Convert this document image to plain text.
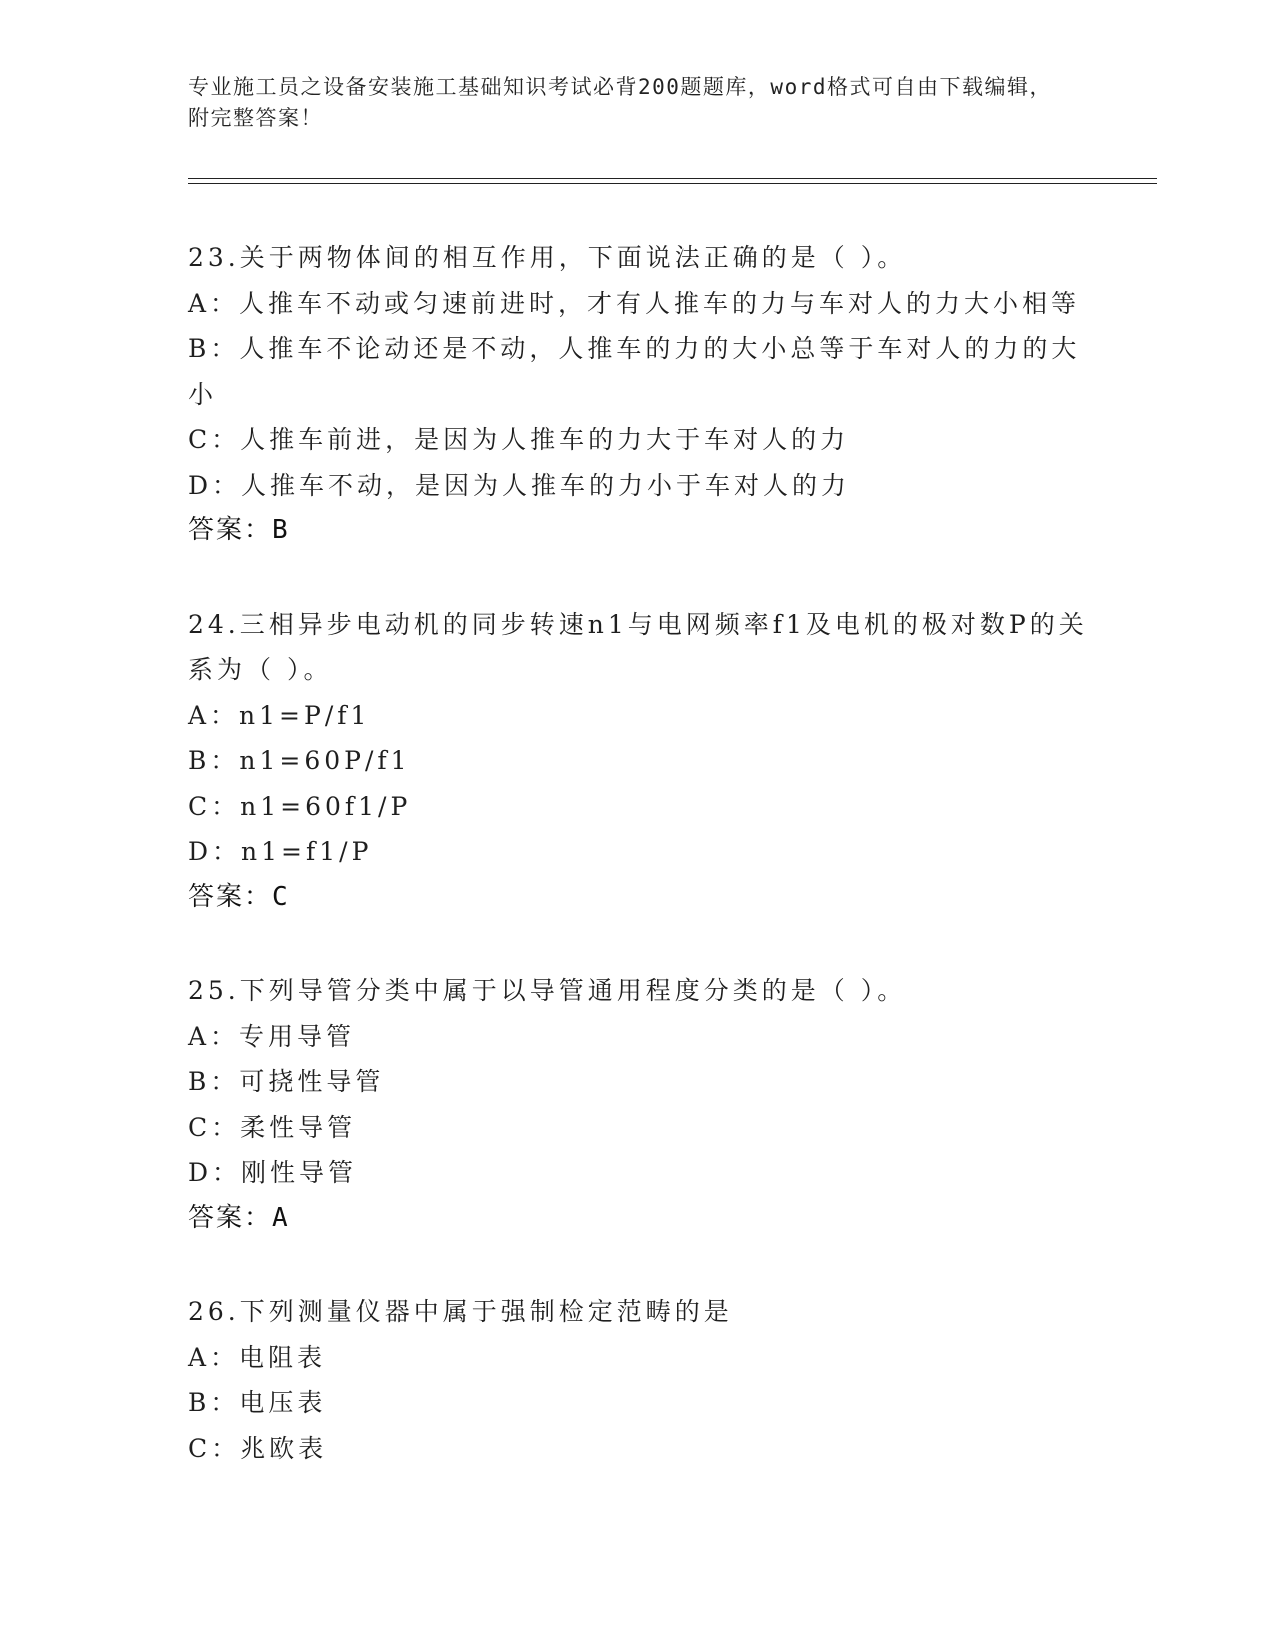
专业施工员之设备安装施工基础知识考试必背200题题库，word格式可自由下载编辑，附完整答案！
23.关于两物体间的相互作用，下面说法正确的是（ ）。
A：人推车不动或匀速前进时，才有人推车的力与车对人的力大小相等
B：人推车不论动还是不动，人推车的力的大小总等于车对人的力的大小
C：人推车前进，是因为人推车的力大于车对人的力
D：人推车不动，是因为人推车的力小于车对人的力
答案：B
24.三相异步电动机的同步转速n1与电网频率f1及电机的极对数P的关系为（ ）。
A：n1=P/f1
B：n1=60P/f1
C：n1=60f1/P
D：n1=f1/P
答案：C
25.下列导管分类中属于以导管通用程度分类的是（ ）。
A：专用导管
B：可挠性导管
C：柔性导管
D：刚性导管
答案：A
26.下列测量仪器中属于强制检定范畴的是
A：电阻表
B：电压表
C：兆欧表
